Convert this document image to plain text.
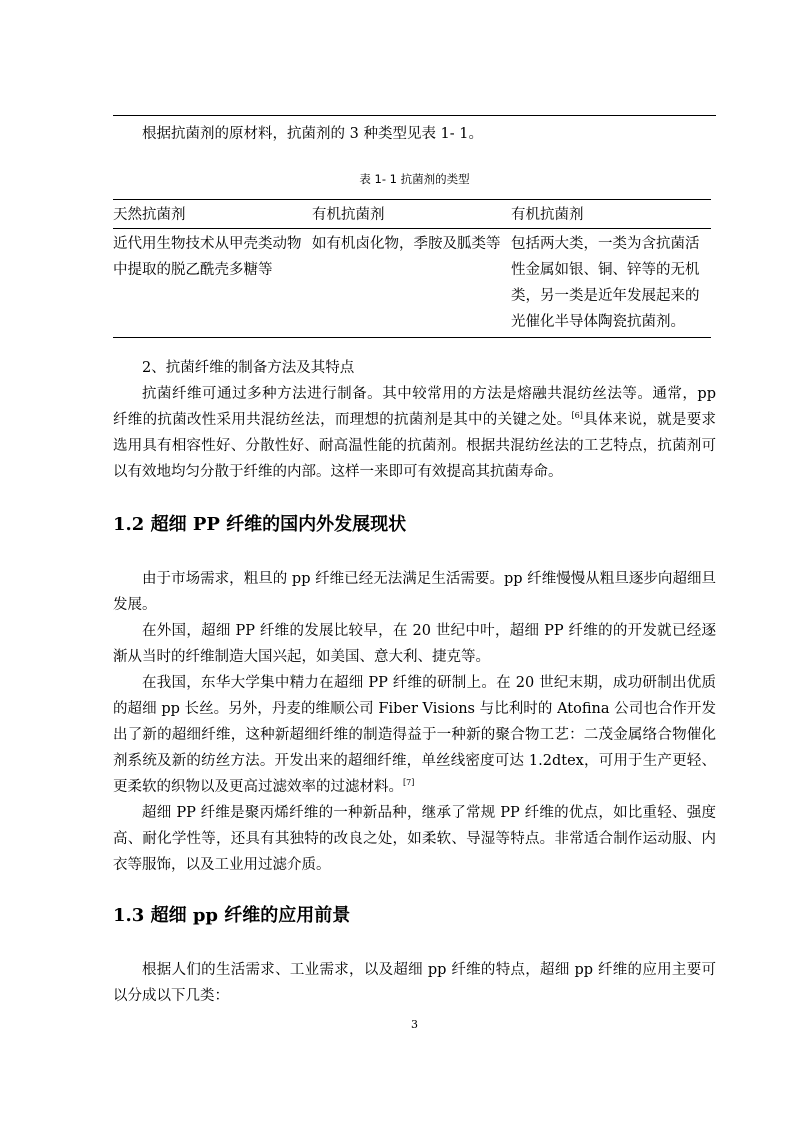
根据抗菌剂的原材料，抗菌剂的 3 种类型见表 1- 1。

表 1- 1 抗菌剂的类型
天然抗菌剂	有机抗菌剂	有机抗菌剂
近代用生物技术从甲壳类动物中提取的脱乙酰壳多糖等	如有机卤化物，季胺及胍类等	包括两大类，一类为含抗菌活性金属如银、铜、锌等的无机类，另一类是近年发展起来的光催化半导体陶瓷抗菌剂。

2、抗菌纤维的制备方法及其特点

抗菌纤维可通过多种方法进行制备。其中较常用的方法是熔融共混纺丝法等。通常，pp 纤维的抗菌改性采用共混纺丝法，而理想的抗菌剂是其中的关键之处。[6]具体来说，就是要求选用具有相容性好、分散性好、耐高温性能的抗菌剂。根据共混纺丝法的工艺特点，抗菌剂可以有效地均匀分散于纤维的内部。这样一来即可有效提高其抗菌寿命。

1.2 超细 PP 纤维的国内外发展现状

由于市场需求，粗旦的 pp 纤维已经无法满足生活需要。pp 纤维慢慢从粗旦逐步向超细旦发展。

在外国，超细 PP 纤维的发展比较早，在 20 世纪中叶，超细 PP 纤维的的开发就已经逐渐从当时的纤维制造大国兴起，如美国、意大利、捷克等。

在我国，东华大学集中精力在超细 PP 纤维的研制上。在 20 世纪末期，成功研制出优质的超细 pp 长丝。另外，丹麦的维顺公司 Fiber Visions 与比利时的 Atofina 公司也合作开发出了新的超细纤维，这种新超细纤维的制造得益于一种新的聚合物工艺：二茂金属络合物催化剂系统及新的纺丝方法。开发出来的超细纤维，单丝线密度可达 1.2dtex，可用于生产更轻、更柔软的织物以及更高过滤效率的过滤材料。[7]

超细 PP 纤维是聚丙烯纤维的一种新品种，继承了常规 PP 纤维的优点，如比重轻、强度高、耐化学性等，还具有其独特的改良之处，如柔软、导湿等特点。非常适合制作运动服、内衣等服饰，以及工业用过滤介质。

1.3 超细 pp 纤维的应用前景

根据人们的生活需求、工业需求，以及超细 pp 纤维的特点，超细 pp 纤维的应用主要可以分成以下几类：

3
